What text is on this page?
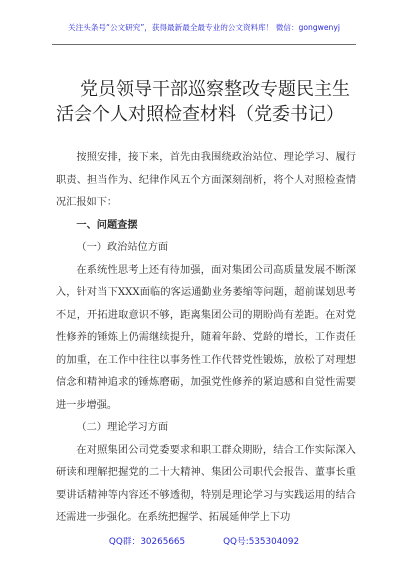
关注头条号“公文研究”，获得最新最全最专业的公文资料库！ 微信：gongwenyj
党员领导干部巡察整改专题民主生
活会个人对照检查材料（党委书记）

按照安排，接下来，首先由我围绕政治站位、理论学习、履行职责、担当作为、纪律作风五个方面深刻剖析，将个人对照检查情况汇报如下：

一、问题查摆

（一）政治站位方面

在系统性思考上还有待加强，面对集团公司高质量发展不断深入，针对当下XXX面临的客运通勤业务萎缩等问题，超前谋划思考不足，开拓进取意识不够，距离集团公司的期盼尚有差距。在对党性修养的锤炼上仍需继续提升，随着年龄、党龄的增长，工作责任的加重，在工作中往往以事务性工作代替党性锻炼，放松了对理想信念和精神追求的锤炼磨砺，加强党性修养的紧迫感和自觉性需要进一步增强。

（二）理论学习方面

在对照集团公司党委要求和职工群众期盼，结合工作实际深入研读和理解把握党的二十大精神、集团公司职代会报告、董事长重要讲话精神等内容还不够透彻，特别是理论学习与实践运用的结合还需进一步强化。在系统把握学、拓展延伸学上下功

QQ群：30265665	QQ号:535304092
